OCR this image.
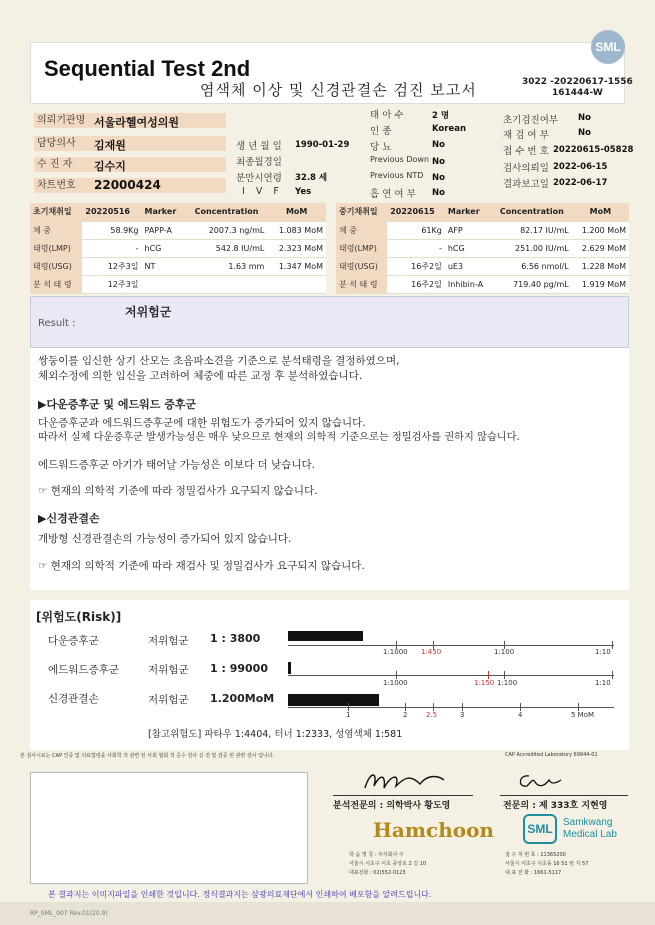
Sequential Test 2nd
염색체 이상 및 신경관결손 검진 보고서	3022 -20220617-1556
161444-W
SML
의뢰기관명 서울라헬여성의원
담당의사	김재원
수 진 자	김수지
차트번호	22000424
생 년 월 일 1990-01-29
최종월경일
분만시연령 32.8 세
I V F Yes
태 아 수	2 명
인 종	Korean
당 뇨	No
Previous Down No
Previous NTD No
흡 연 여 부 No
초기검진여부 No
재 검 여 부	No
접 수 번 호 20220615-05828
검사의뢰일 2022-06-15
결과보고일 2022-06-17
초기채취일	20220516	Marker	Concentration	MoM
체 중	58.9Kg	PAPP-A	2007.3 ng/mL	1.083 MoM
태령(LMP)	-	hCG	542.8 IU/mL	2.323 MoM
태령(USG)	12주3일	NT	1.63 mm	1.347 MoM
분 석 태 령	12주3일			
중기채취일	20220615	Marker	Concentration	MoM
체 중	61Kg	AFP	82.17 IU/mL	1.200 MoM
태령(LMP)	-	hCG	251.00 IU/mL	2.629 MoM
태령(USG)	16주2일	uE3	6.56 nmol/L	1.228 MoM
분 석 태 령	16주2일	Inhibin-A	719.40 pg/mL	1.919 MoM
Result :
저위험군
쌍둥이를 임신한 상기 산모는 초음파소견을 기준으로 분석태령을 결정하였으며,
체외수정에 의한 임신을 고려하여 체중에 따른 교정 후 분석하였습니다.
▶다운증후군 및 에드워드 증후군
다운증후군과 에드워드증후군에 대한 위험도가 증가되어 있지 않습니다.
따라서 실제 다운증후군 발생가능성은 매우 낮으므로 현재의 의학적 기준으로는 정밀검사를 권하지 않습니다.
에드워드증후군 아기가 태어날 가능성은 이보다 더 낮습니다.
☞ 현재의 의학적 기준에 따라 정밀검사가 요구되지 않습니다.
▶신경관결손
개방형 신경관결손의 가능성이 증가되어 있지 않습니다.
☞ 현재의 의학적 기준에 따라 재검사 및 정밀검사가 요구되지 않습니다.
[위험도(Risk)]
다운증후군	저위험군 1 : 3800
1:1000 1:450	1:100	1:10
에드워드증후군	저위험군 1 : 99000
1:1000	1:150 1:100	1:10
신경관결손	저위험군 1.200MoM
1	2	2.5	3	4	5 MoM
[참고위험도] 파타우 1:4404, 터너 1:2333, 성염색체 1:581
본 검사시료는 CAP 인증 및 의료법령을 사회학 적 관련 된 사회 협회 적 준수 검사 실 전 및 검증 된 관련 검사 입니다.	CAP Accredited Laboratory 69944-01
분석전문의 : 의학박사 황도영	전문의 : 제 333호 지현영
Hamchoon
학 습 명 칭 : 주식회사 주
서울시 서초구 서초 중앙로 2 길 10
대표전화 : 02)552-0123
SML	Samkwang
Medical Lab
접 수 처 번 호 : 11365200
서울시 서초구 서초동 16 51 번 지 57
대 표 전 화 : 1661-5117
본 결과지는 이미지파일을 인쇄한 것입니다. 정식결과지는 삼광의료재단에서 인쇄하여 배포함을 알려드립니다.
RP_SML_007 Rev.01(20.9)
